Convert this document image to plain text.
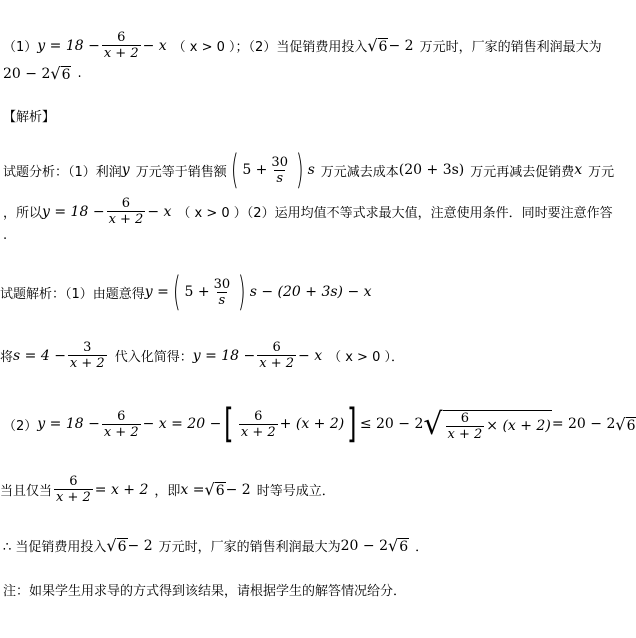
（1） $y = 18 - \frac{6}{x + 2} - x$ （ x > 0 ）；（2）当促销费用投入 √ 6 − 2 万元时，厂家的销售利润最大为
20 − 2 √ 6 .
【解析】
试题分析：（1）利润 y 万元等于销售额 ( $5 + \frac{30}{s}$ ) s 万元减去成本 (20 + 3s) 万元再减去促销费 x 万元
，所以 $y = 18 - \frac{6}{x + 2} - x$ （ x > 0 ）（2）运用均值不等式求最大值，注意使用条件．同时要注意作答
.
试题解析：（1）由题意得 y = ( $5 + \frac{30}{s}$ ) s − (20 + 3s) − x
将 $s = 4 - \frac{3}{x + 2}$ 代入化简得： $y = 18 - \frac{6}{x + 2} - x$ （ x > 0 ）．
（2） $y = 18 - \frac{6}{x + 2} - x = 20$ − [ $\frac{6}{x + 2} + (x + 2)$ ] ≤ 20 − 2 √ $\frac{6}{x + 2} \times (x + 2) = 20 - 2$ √ 6
当且仅当 $\frac{6}{x + 2} = x + 2$ ，即 x = √ 6 − 2 时等号成立．
∴ 当促销费用投入 √ 6 − 2 万元时，厂家的销售利润最大为 20 − 2 √ 6 ．
注：如果学生用求导的方式得到该结果，请根据学生的解答情况给分．
